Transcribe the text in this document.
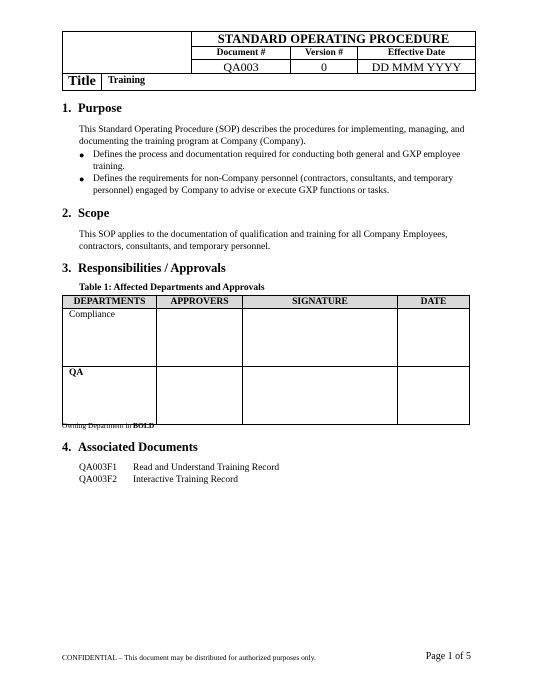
STANDARD OPERATING PROCEDURE
Document #	Version #	Effective Date
QA003	0	DD MMM YYYY
Title	Training
1. Purpose
This Standard Operating Procedure (SOP) describes the procedures for implementing, managing, and documenting the training program at Company (Company).
● Defines the process and documentation required for conducting both general and GXP employee training.
● Defines the requirements for non-Company personnel (contractors, consultants, and temporary personnel) engaged by Company to advise or execute GXP functions or tasks.
2. Scope
This SOP applies to the documentation of qualification and training for all Company Employees, contractors, consultants, and temporary personnel.
3. Responsibilities / Approvals
Table 1: Affected Departments and Approvals
DEPARTMENTS	APPROVERS	SIGNATURE	DATE
Compliance			
QA			
Owning Department in BOLD
4. Associated Documents
QA003F1	Read and Understand Training Record
QA003F2	Interactive Training Record
CONFIDENTIAL – This document may be distributed for authorized purposes only.	Page 1 of 5
